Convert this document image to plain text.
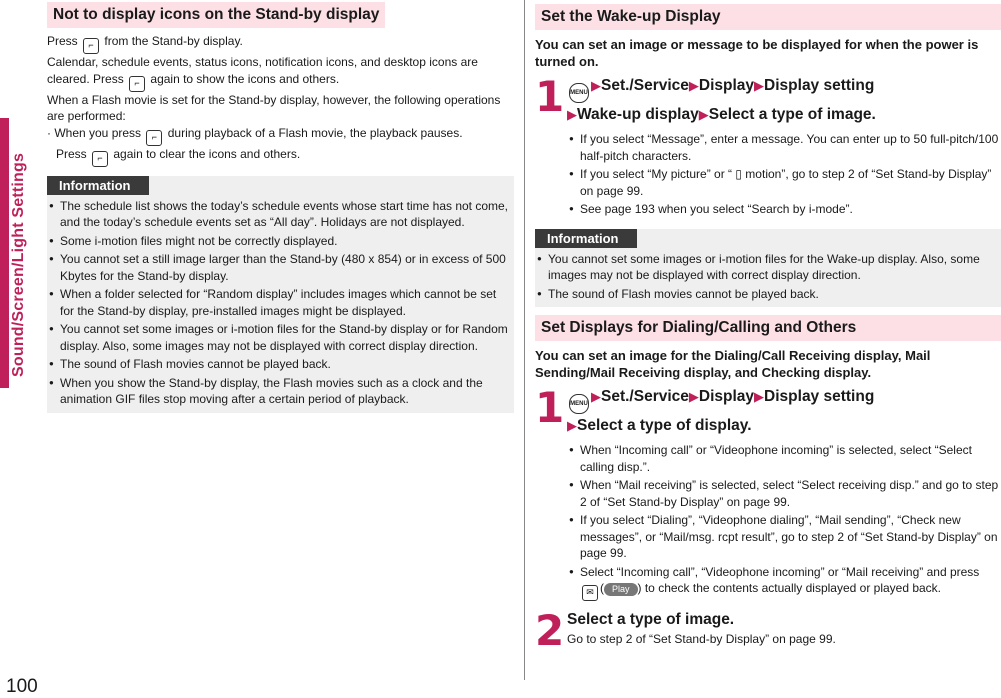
Sound/Screen/Light Settings
100
Not to display icons on the Stand-by display

Press ⌐ from the Stand-by display.

Calendar, schedule events, status icons, notification icons, and desktop icons are

cleared. Press ⌐ again to show the icons and others.

When a Flash movie is set for the Stand-by display, however, the following operations

are performed:

· When you press ⌐ during playback of a Flash movie, the playback pauses.

Press ⌐ again to clear the icons and others.

Information
● The schedule list shows the today’s schedule events whose start time has not come, and the today’s schedule events set as “All day”. Holidays are not displayed.
● Some i-motion files might not be correctly displayed.
● You cannot set a still image larger than the Stand-by (480 x 854) or in excess of 500 Kbytes for the Stand-by display.
● When a folder selected for “Random display” includes images which cannot be set for the Stand-by display, pre-installed images might be displayed.
● You cannot set some images or i-motion files for the Stand-by display or for Random display. Also, some images may not be displayed with correct display direction.
● The sound of Flash movies cannot be played back.
● When you show the Stand-by display, the Flash movies such as a clock and the animation GIF files stop moving after a certain period of playback.
Set the Wake-up Display

You can set an image or message to be displayed for when the power is turned on.

1 MENU ▶Set./Service▶Display▶Display setting
▶Wake-up display▶Select a type of image.
● If you select “Message”, enter a message. You can enter up to 50 full-pitch/100 half-pitch characters.
● If you select “My picture” or “ ▯ motion”, go to step 2 of “Set Stand-by Display” on page 99.
● See page 193 when you select “Search by i-mode”.
Information
● You cannot set some images or i-motion files for the Wake-up display. Also, some images may not be displayed with correct display direction.
● The sound of Flash movies cannot be played back.
Set Displays for Dialing/Calling and Others

You can set an image for the Dialing/Call Receiving display, Mail Sending/Mail Receiving display, and Checking display.

1 MENU ▶Set./Service▶Display▶Display setting
▶Select a type of display.
● When “Incoming call” or “Videophone incoming” is selected, select “Select calling disp.”.
● When “Mail receiving” is selected, select “Select receiving disp.” and go to step 2 of “Set Stand-by Display” on page 99.
● If you select “Dialing”, “Videophone dialing”, “Mail sending”, “Check new messages”, or “Mail/msg. rcpt result”, go to step 2 of “Set Stand-by Display” on page 99.
● Select “Incoming call”, “Videophone incoming” or “Mail receiving” and press
✉ ( Play ) to check the contents actually displayed or played back.
2 Select a type of image.
Go to step 2 of “Set Stand-by Display” on page 99.
